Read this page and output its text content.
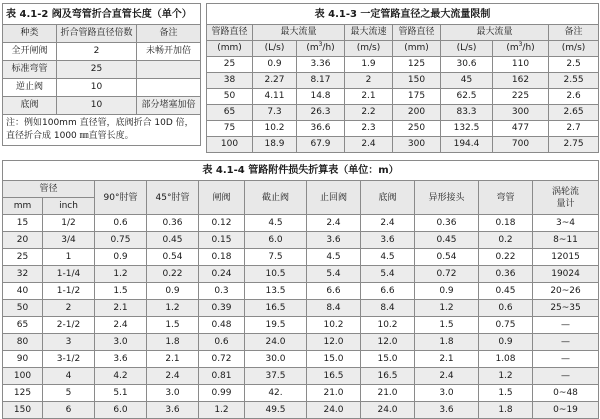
表 4.1-2 阀及弯管折合直管长度（单个）		
种类	折合管路直径倍数	备注
全开闸阀	2	未畅开加倍
标准弯管	25	
逆止阀	10	
底阀	10	部分堵塞加倍

注：例如100mm 直径管，底阀折合 10D 倍，
直径折合成 1000 ㎜直管长度。		
表 4.1-3 一定管路直径之最大流量限制							
管路直径	最大流量		最大流速	管路直径	最大流量		备注
(mm)	(L/s)	$(m^3/h)$	(m/s)	(mm)	(L/s)	$(m^3/h)$	(m/s)
25	0.9	3.36	1.9	125	30.6	110	2.5
38	2.27	8.17	2	150	45	162	2.55
50	4.11	14.8	2.1	175	62.5	225	2.6
65	7.3	26.3	2.2	200	83.3	300	2.65
75	10.2	36.6	2.3	250	132.5	477	2.7
100	18.9	67.9	2.4	300	194.4	700	2.75
表 4.1-4 管路附件损失折算表（单位：m）										
管径		90°肘管	45°肘管	闸阀	截止阀	止回阀	底阀	异形接头	弯管	涡轮流
量计

mm	inch									
15	1/2	0.6	0.36	0.12	4.5	2.4	2.4	0.36	0.18	3~4
20	3/4	0.75	0.45	0.15	6.0	3.6	3.6	0.45	0.2	8~11
25	1	0.9	0.54	0.18	7.5	4.5	4.5	0.54	0.22	12015
32	1-1/4	1.2	0.22	0.24	10.5	5.4	5.4	0.72	0.36	19024
40	1-1/2	1.5	0.9	0.3	13.5	6.6	6.6	0.9	0.45	20~26
50	2	2.1	1.2	0.39	16.5	8.4	8.4	1.2	0.6	25~35
65	2-1/2	2.4	1.5	0.48	19.5	10.2	10.2	1.5	0.75	—
80	3	3.0	1.8	0.6	24.0	12.0	12.0	1.8	0.9	—
90	3-1/2	3.6	2.1	0.72	30.0	15.0	15.0	2.1	1.08	—
100	4	4.2	2.4	0.81	37.5	16.5	16.5	2.4	1.2	—
125	5	5.1	3.0	0.99	42.	21.0	21.0	3.0	1.5	0~48
150	6	6.0	3.6	1.2	49.5	24.0	24.0	3.6	1.8	0~19
